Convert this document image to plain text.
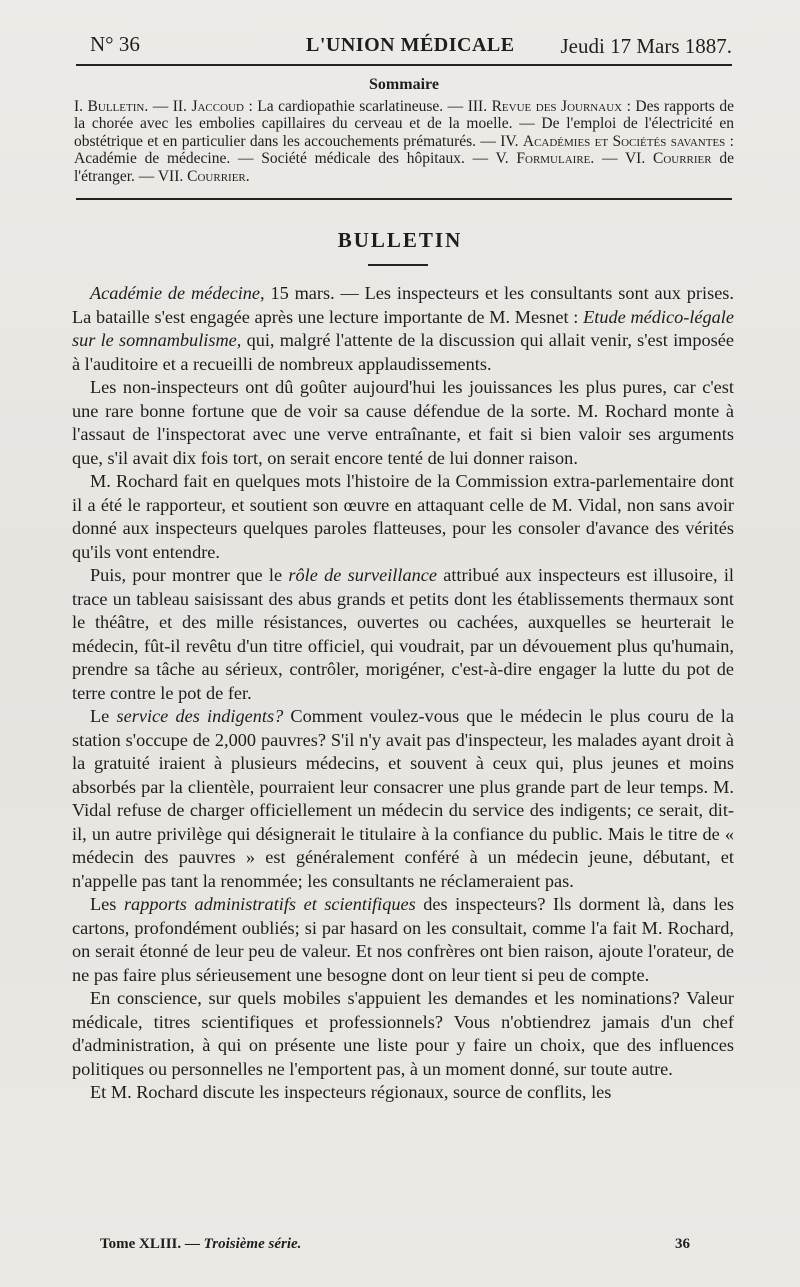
N° 36	L'UNION MÉDICALE Jeudi 17 Mars 1887.
Sommaire
I. Bulletin. — II. Jaccoud : La cardiopathie scarlatineuse. — III. Revue des Journaux : Des rapports de la chorée avec les embolies capillaires du cerveau et de la moelle. — De l'emploi de l'électricité en obstétrique et en particulier dans les accouchements prématurés. — IV. Académies et Sociétés savantes : Académie de médecine. — Société médicale des hôpitaux. — V. Formulaire. — VI. Courrier de l'étranger. — VII. Courrier.
BULLETIN

Académie de médecine, 15 mars. — Les inspecteurs et les consultants sont aux prises. La bataille s'est engagée après une lecture importante de M. Mesnet : Etude médico-légale sur le somnambulisme, qui, malgré l'attente de la discussion qui allait venir, s'est imposée à l'auditoire et a recueilli de nombreux applaudissements.

Les non-inspecteurs ont dû goûter aujourd'hui les jouissances les plus pures, car c'est une rare bonne fortune que de voir sa cause défendue de la sorte. M. Rochard monte à l'assaut de l'inspectorat avec une verve entraînante, et fait si bien valoir ses arguments que, s'il avait dix fois tort, on serait encore tenté de lui donner raison.

M. Rochard fait en quelques mots l'histoire de la Commission extra-parlementaire dont il a été le rapporteur, et soutient son œuvre en attaquant celle de M. Vidal, non sans avoir donné aux inspecteurs quelques paroles flatteuses, pour les consoler d'avance des vérités qu'ils vont entendre.

Puis, pour montrer que le rôle de surveillance attribué aux inspecteurs est illusoire, il trace un tableau saisissant des abus grands et petits dont les établissements thermaux sont le théâtre, et des mille résistances, ouvertes ou cachées, auxquelles se heurterait le médecin, fût-il revêtu d'un titre officiel, qui voudrait, par un dévouement plus qu'humain, prendre sa tâche au sérieux, contrôler, morigéner, c'est-à-dire engager la lutte du pot de terre contre le pot de fer.

Le service des indigents? Comment voulez-vous que le médecin le plus couru de la station s'occupe de 2,000 pauvres? S'il n'y avait pas d'inspecteur, les malades ayant droit à la gratuité iraient à plusieurs médecins, et souvent à ceux qui, plus jeunes et moins absorbés par la clientèle, pourraient leur consacrer une plus grande part de leur temps. M. Vidal refuse de charger officiellement un médecin du service des indigents; ce serait, dit-il, un autre privilège qui désignerait le titulaire à la confiance du public. Mais le titre de « médecin des pauvres » est généralement conféré à un médecin jeune, débutant, et n'appelle pas tant la renommée; les consultants ne réclameraient pas.

Les rapports administratifs et scientifiques des inspecteurs? Ils dorment là, dans les cartons, profondément oubliés; si par hasard on les consultait, comme l'a fait M. Rochard, on serait étonné de leur peu de valeur. Et nos confrères ont bien raison, ajoute l'orateur, de ne pas faire plus sérieusement une besogne dont on leur tient si peu de compte.

En conscience, sur quels mobiles s'appuient les demandes et les nominations? Valeur médicale, titres scientifiques et professionnels? Vous n'obtiendrez jamais d'un chef d'administration, à qui on présente une liste pour y faire un choix, que des influences politiques ou personnelles ne l'emportent pas, à un moment donné, sur toute autre.

Et M. Rochard discute les inspecteurs régionaux, source de conflits, les

Tome XLIII. — Troisième série.	36
